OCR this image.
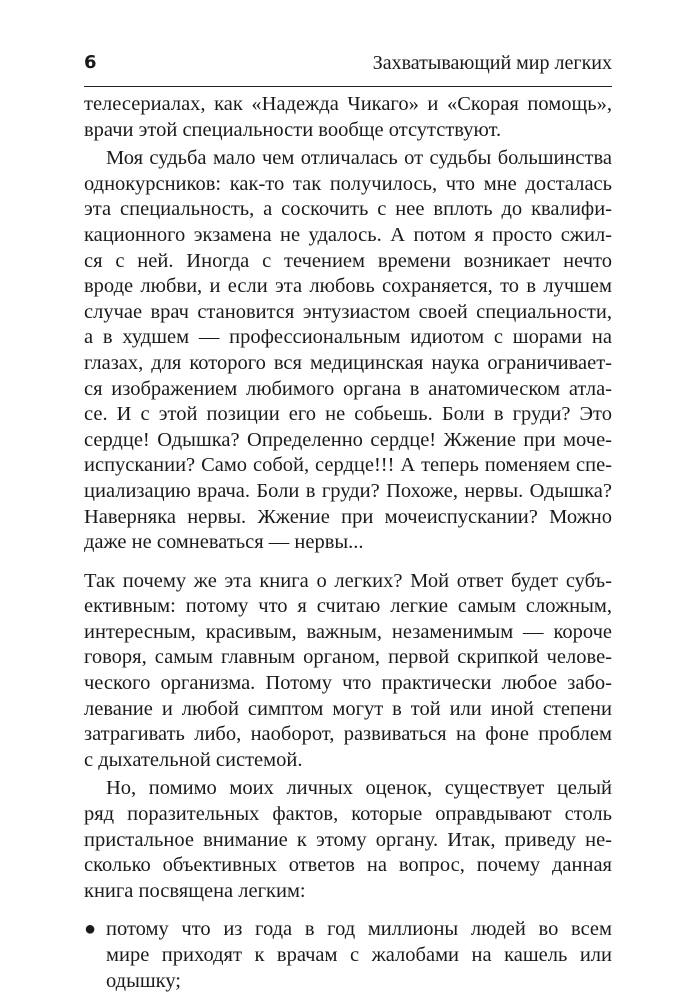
6	Захватывающий мир легких

телесериалах, как «Надежда Чикаго» и «Скорая помощь»,
врачи этой специальности вообще отсутствуют.

Моя судьба мало чем отличалась от судьбы большинства
однокурсников: как-то так получилось, что мне досталась
эта специальность, а соскочить с нее вплоть до квалифи-
кационного экзамена не удалось. А потом я просто сжил-
ся с ней. Иногда с течением времени возникает нечто
вроде любви, и если эта любовь сохраняется, то в лучшем
случае врач становится энтузиастом своей специальности,
а в худшем — профессиональным идиотом с шорами на
глазах, для которого вся медицинская наука ограничивает-
ся изображением любимого органа в анатомическом атла-
се. И с этой позиции его не собьешь. Боли в груди? Это
сердце! Одышка? Определенно сердце! Жжение при моче-
испускании? Само собой, сердце!!! А теперь поменяем спе-
циализацию врача. Боли в груди? Похоже, нервы. Одышка?
Наверняка нервы. Жжение при мочеиспускании? Можно
даже не сомневаться — нервы...

Так почему же эта книга о легких? Мой ответ будет субъ-
ективным: потому что я считаю легкие самым сложным,
интересным, красивым, важным, незаменимым — короче
говоря, самым главным органом, первой скрипкой челове-
ческого организма. Потому что практически любое забо-
левание и любой симптом могут в той или иной степени
затрагивать либо, наоборот, развиваться на фоне проблем
с дыхательной системой.

Но, помимо моих личных оценок, существует целый
ряд поразительных фактов, которые оправдывают столь
пристальное внимание к этому органу. Итак, приведу не-
сколько объективных ответов на вопрос, почему данная
книга посвящена легким:

● потому что из года в год миллионы людей во всем
мире приходят к врачам с жалобами на кашель или
одышку;
